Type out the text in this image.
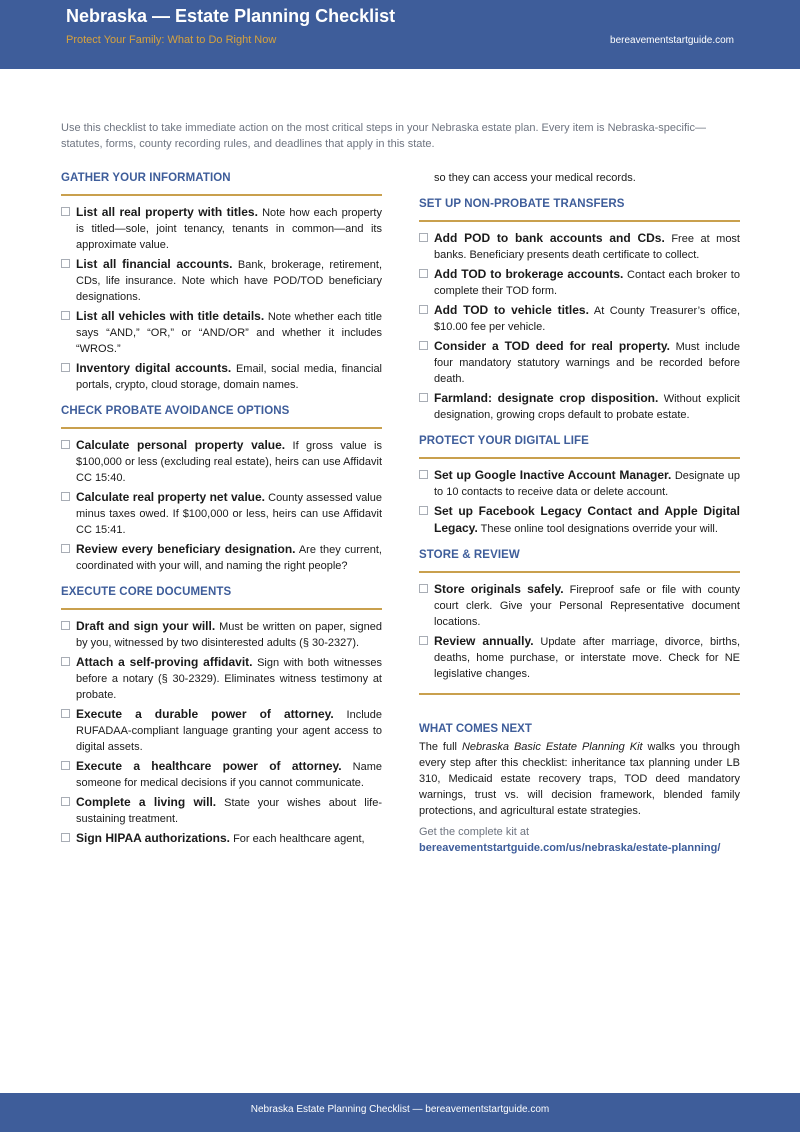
Nebraska — Estate Planning Checklist
Protect Your Family: What to Do Right Now	bereavementstartguide.com
Use this checklist to take immediate action on the most critical steps in your Nebraska estate plan. Every item is Nebraska-specific—statutes, forms, county recording rules, and deadlines that apply in this state.
GATHER YOUR INFORMATION
List all real property with titles. Note how each property is titled—sole, joint tenancy, tenants in common—and its approximate value.
List all financial accounts. Bank, brokerage, retirement, CDs, life insurance. Note which have POD/TOD beneficiary designations.
List all vehicles with title details. Note whether each title says “AND,” “OR,” or “AND/OR” and whether it includes “WROS.”
Inventory digital accounts. Email, social media, financial portals, crypto, cloud storage, domain names.
CHECK PROBATE AVOIDANCE OPTIONS
Calculate personal property value. If gross value is $100,000 or less (excluding real estate), heirs can use Affidavit CC 15:40.
Calculate real property net value. County assessed value minus taxes owed. If $100,000 or less, heirs can use Affidavit CC 15:41.
Review every beneficiary designation. Are they current, coordinated with your will, and naming the right people?
EXECUTE CORE DOCUMENTS
Draft and sign your will. Must be written on paper, signed by you, witnessed by two disinterested adults (§ 30-2327).
Attach a self-proving affidavit. Sign with both witnesses before a notary (§ 30-2329). Eliminates witness testimony at probate.
Execute a durable power of attorney. Include RUFADAA-compliant language granting your agent access to digital assets.
Execute a healthcare power of attorney. Name someone for medical decisions if you cannot communicate.
Complete a living will. State your wishes about life-sustaining treatment.
Sign HIPAA authorizations. For each healthcare agent,
so they can access your medical records.
SET UP NON-PROBATE TRANSFERS
Add POD to bank accounts and CDs. Free at most banks. Beneficiary presents death certificate to collect.
Add TOD to brokerage accounts. Contact each broker to complete their TOD form.
Add TOD to vehicle titles. At County Treasurer’s office, $10.00 fee per vehicle.
Consider a TOD deed for real property. Must include four mandatory statutory warnings and be recorded before death.
Farmland: designate crop disposition. Without explicit designation, growing crops default to probate estate.
PROTECT YOUR DIGITAL LIFE
Set up Google Inactive Account Manager. Designate up to 10 contacts to receive data or delete account.
Set up Facebook Legacy Contact and Apple Digital Legacy. These online tool designations override your will.
STORE & REVIEW
Store originals safely. Fireproof safe or file with county court clerk. Give your Personal Representative document locations.
Review annually. Update after marriage, divorce, births, deaths, home purchase, or interstate move. Check for NE legislative changes.
WHAT COMES NEXT
The full Nebraska Basic Estate Planning Kit walks you through every step after this checklist: inheritance tax planning under LB 310, Medicaid estate recovery traps, TOD deed mandatory warnings, trust vs. will decision framework, blended family protections, and agricultural estate strategies.
Get the complete kit at
bereavementstartguide.com/us/nebraska/estate-planning/
Nebraska Estate Planning Checklist — bereavementstartguide.com
